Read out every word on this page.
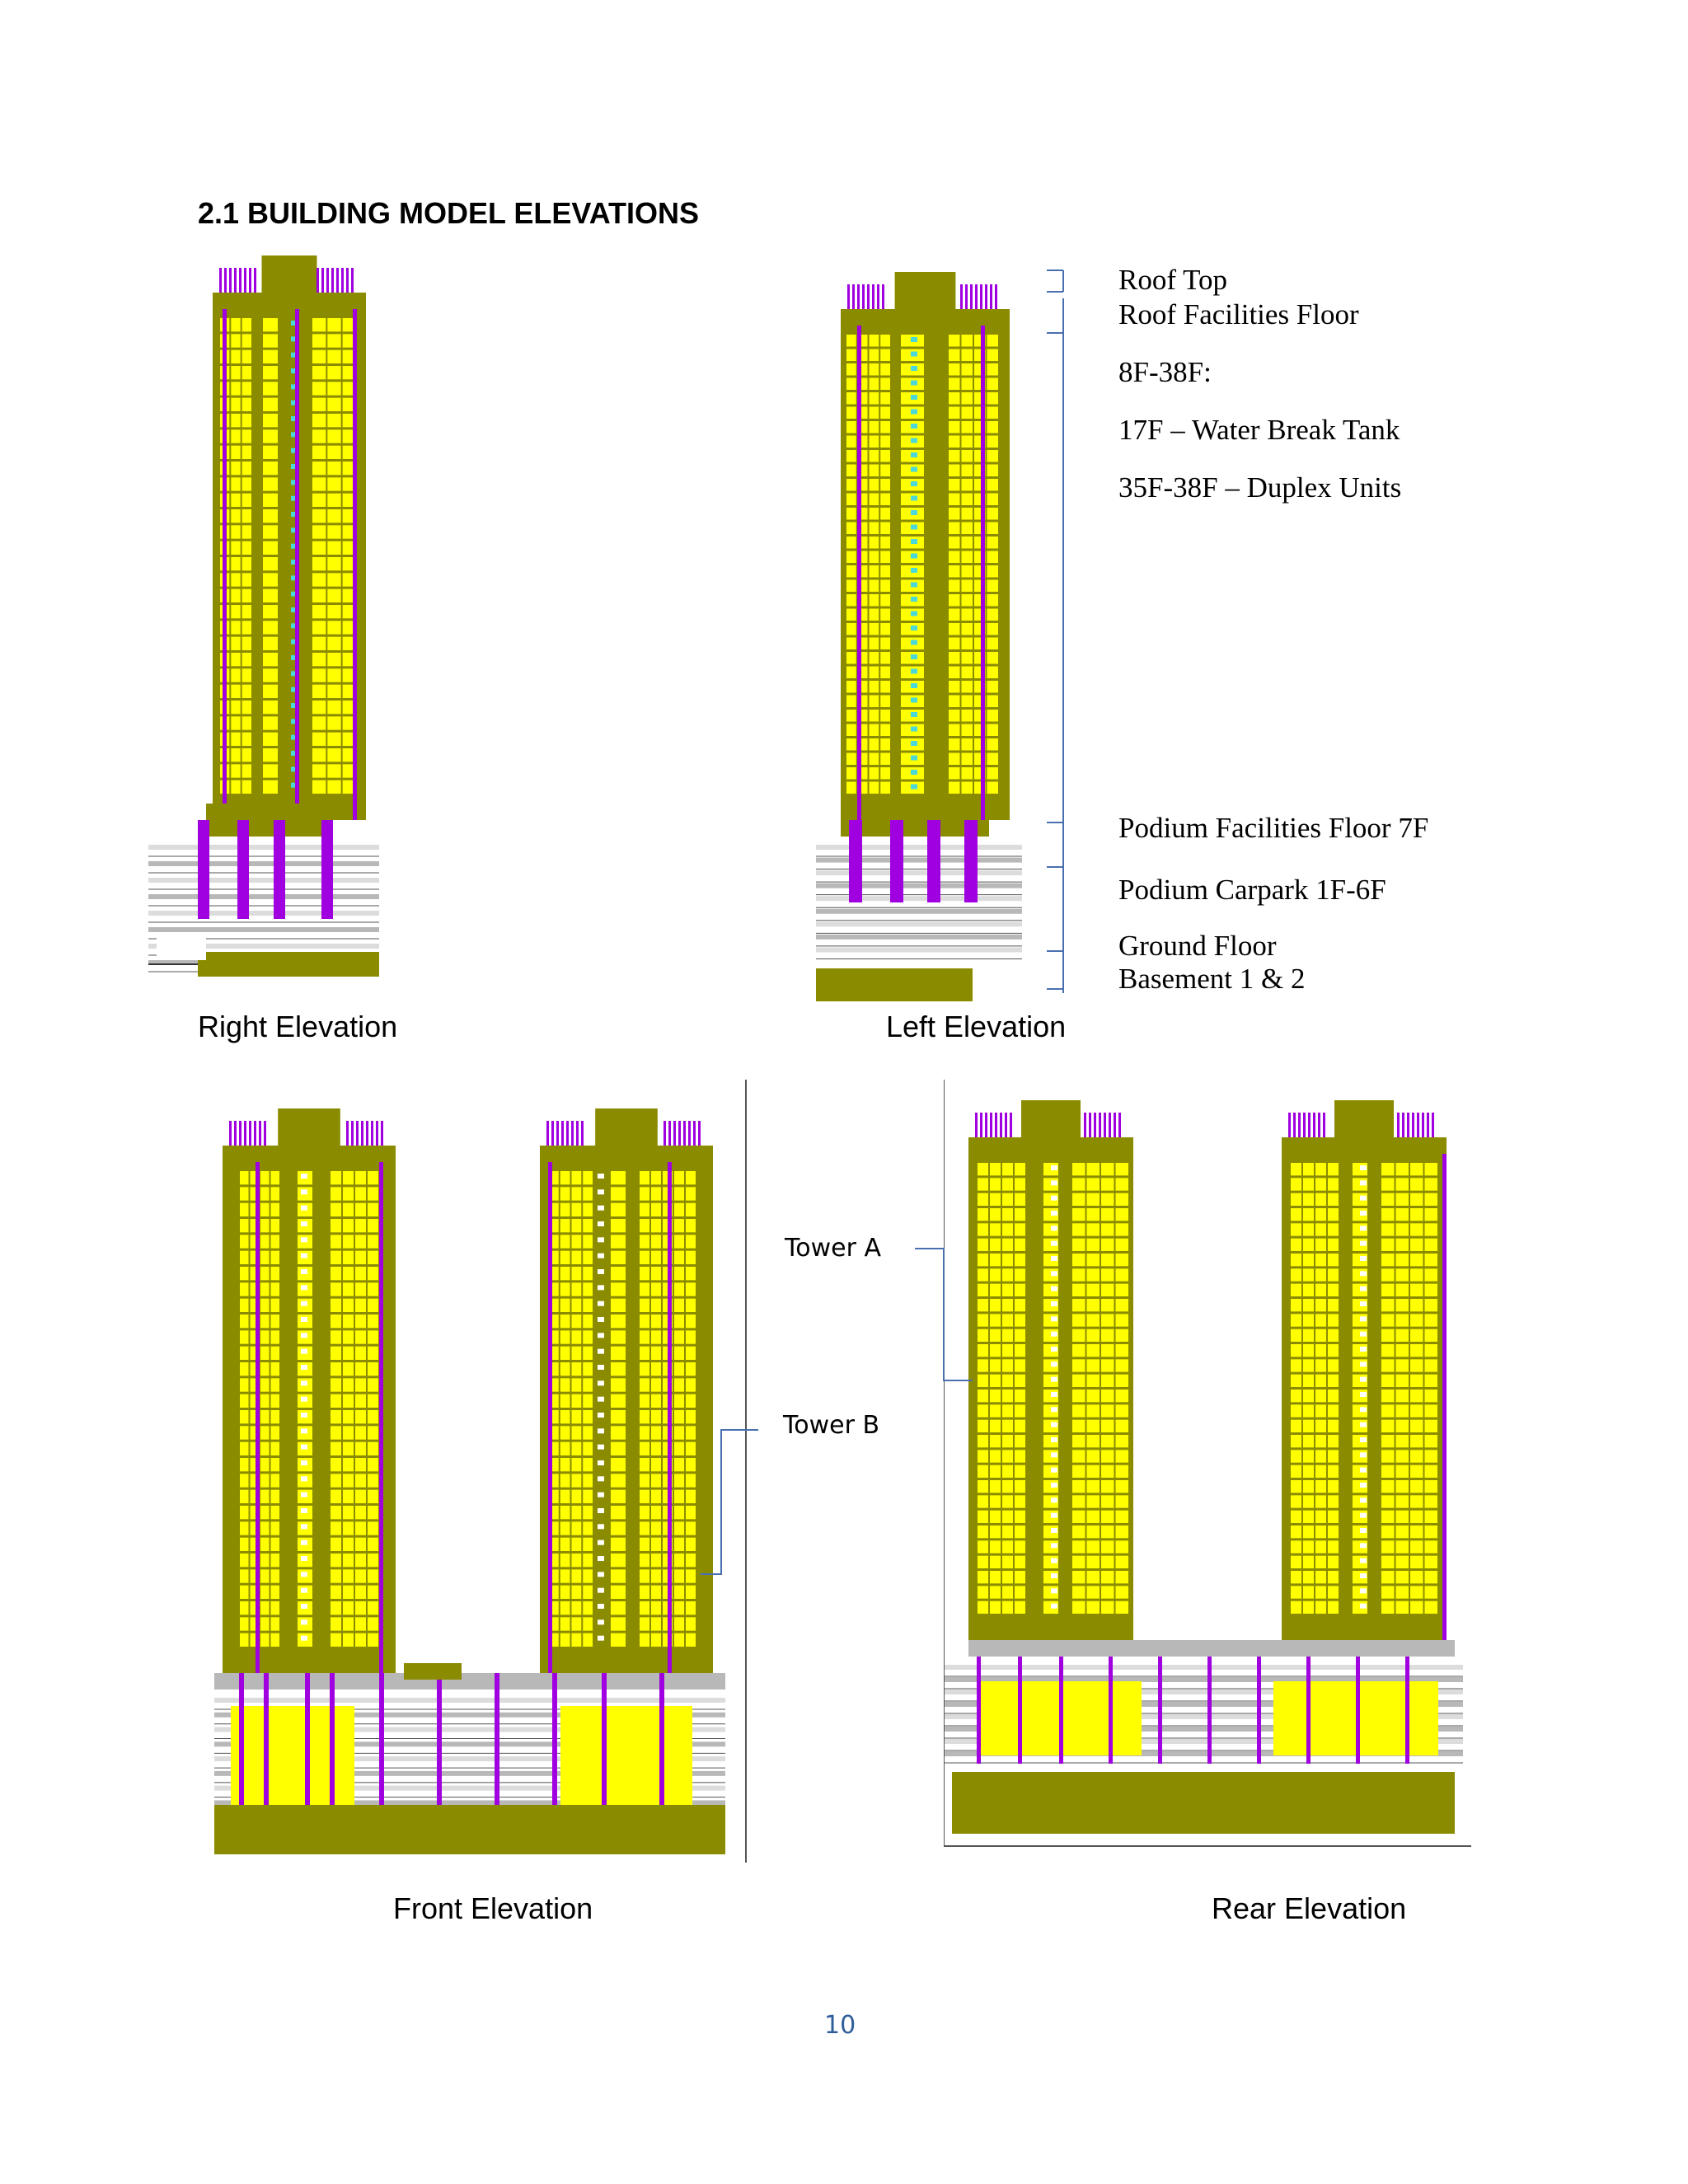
2.1 BUILDING MODEL ELEVATIONS
Roof Top
Roof Facilities Floor
8F-38F:
17F – Water Break Tank
35F-38F – Duplex Units
Podium Facilities Floor 7F
Podium Carpark 1F-6F
Ground Floor
Basement 1 & 2
Right Elevation	Left Elevation
Tower A
Tower B
Front Elevation	Rear Elevation
10
